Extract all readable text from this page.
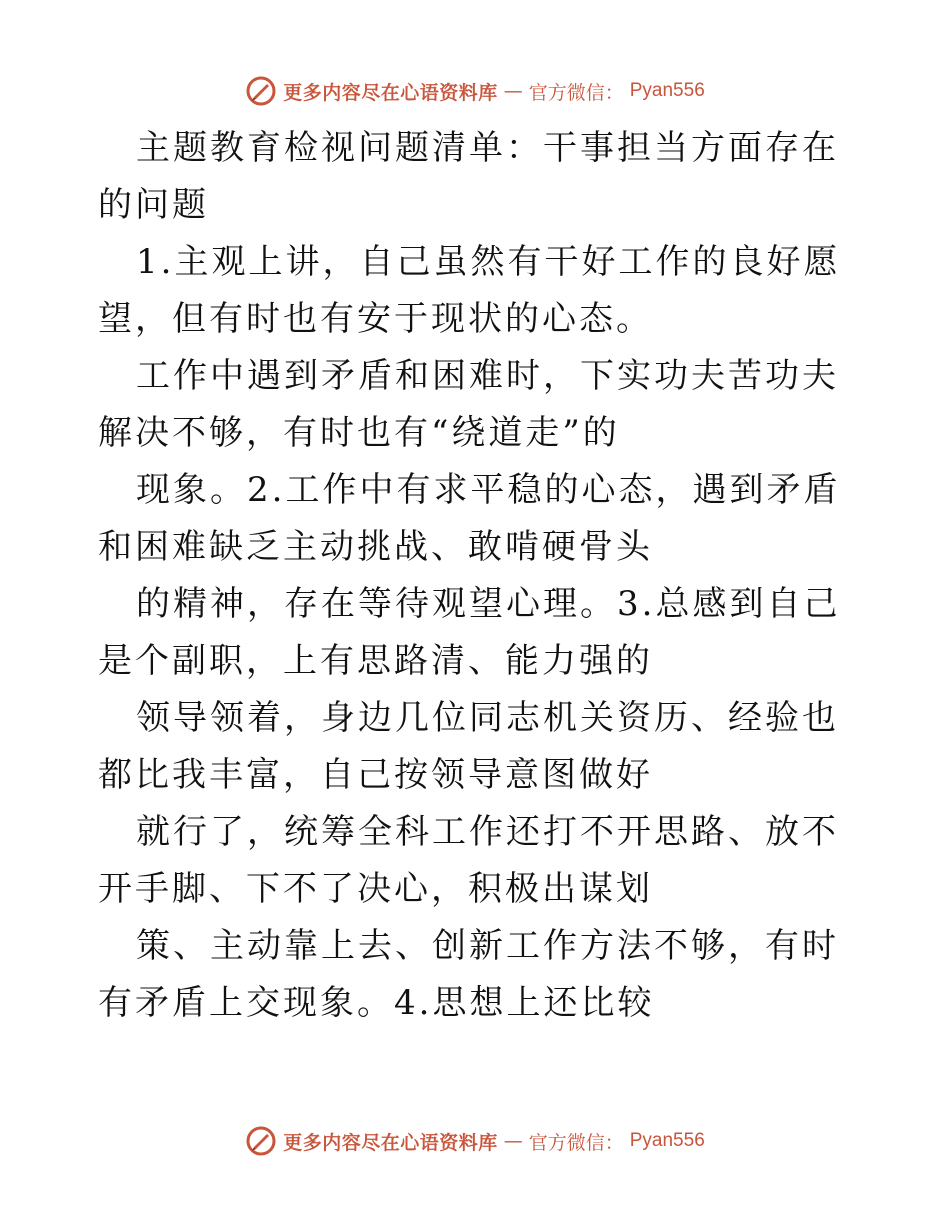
更多内容尽在心语资料库 — 官方微信： Pyan556

主题教育检视问题清单：干事担当方面存在的问题

1.主观上讲，自己虽然有干好工作的良好愿望，但有时也有安于现状的心态。

工作中遇到矛盾和困难时，下实功夫苦功夫解决不够，有时也有“绕道走”的

现象。2.工作中有求平稳的心态，遇到矛盾和困难缺乏主动挑战、敢啃硬骨头

的精神，存在等待观望心理。3.总感到自己是个副职，上有思路清、能力强的

领导领着，身边几位同志机关资历、经验也都比我丰富，自己按领导意图做好

就行了，统筹全科工作还打不开思路、放不开手脚、下不了决心，积极出谋划

策、主动靠上去、创新工作方法不够，有时有矛盾上交现象。4.思想上还比较

更多内容尽在心语资料库 — 官方微信： Pyan556
